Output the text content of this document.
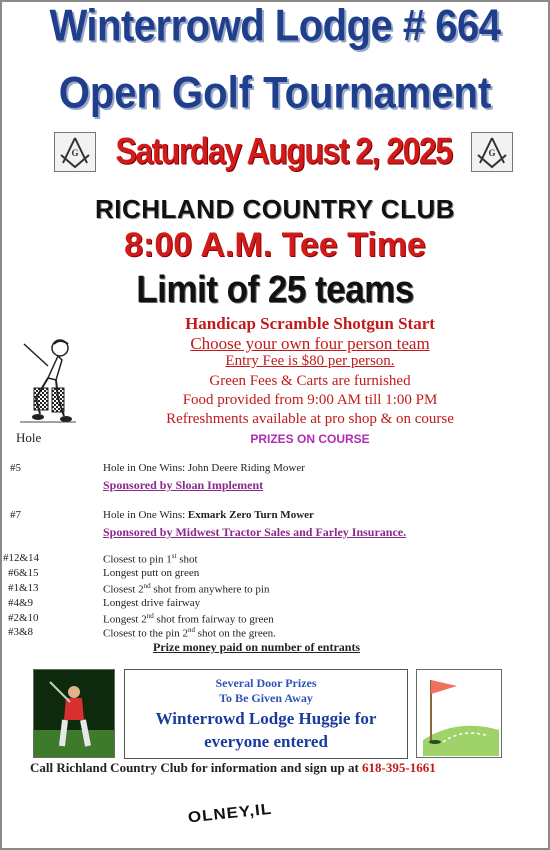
Winterrowd Lodge # 664
Open Golf Tournament
G	G
Saturday August 2, 2025
RICHLAND COUNTRY CLUB
8:00 A.M. Tee Time
Limit of 25 teams
Handicap Scramble Shotgun Start
Choose your own four person team
Entry Fee is $80 per person.
Green Fees & Carts are furnished
Food provided from 9:00 AM till 1:00 PM
Refreshments available at pro shop & on course
Hole	PRIZES ON COURSE
#5	Hole in One Wins: John Deere Riding Mower
Sponsored by Sloan Implement
#7	Hole in One Wins: Exmark Zero Turn Mower
Sponsored by Midwest Tractor Sales and Farley Insurance.
#12&14	Closest to pin 1st shot
#6&15	Longest putt on green
#1&13	Closest 2nd shot from anywhere to pin
#4&9	Longest drive fairway
#2&10	Longest 2nd shot from fairway to green
#3&8	Closest to the pin 2nd shot on the green.
Prize money paid on number of entrants
Several Door Prizes
To Be Given Away
Winterrowd Lodge Huggie for
everyone entered
Call Richland Country Club for information and sign up at 618-395-1661
OLNEY,IL
